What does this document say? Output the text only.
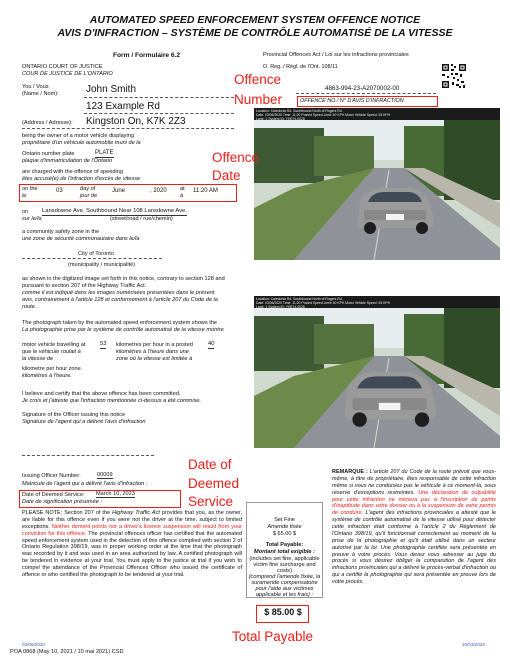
AUTOMATED SPEED ENFORCEMENT SYSTEM OFFENCE NOTICE
AVIS D'INFRACTION – SYSTÈME DE CONTRÔLE AUTOMATISÉ DE LA VITESSE
Form / Formulaire 6.2	Provincial Offences Act / Loi sur les infractions provinciales
O. Reg. / Règl. de l'Ont. 108/11
ONTARIO COURT OF JUSTICE
COUR DE JUSTICE DE L'ONTARIO
You / Vous
(Name / Nom):	John Smith
123 Example Rd
(Address / Adresse): Kingston On, K7K 2Z3
being the owner of a motor vehicle displaying
propriétaire d'un véhicule automobile muni de la
Ontario number plate	PLATE
plaque d'immatriculation de l'Ontario
are charged with the offence of speeding
êtes accusé(e) de l'infraction d'excès de vitesse
on the
le
03	day of
jour de
June	, 2020 at
à
11:20 AM
on Lansdowne Ave. Southbound Near 108 Lansdowne Ave.
sur le/la	(street/road / rue/chemin)
a community safety zone in the
une zone de sécurité communautaire dans le/la
City of Toronto
(municipality / municipalité)
as shown in the digitized image set forth in this notice, contrary to section 128 and
pursuant to section 207 of the Highway Traffic Act.
comme il est indiqué dans les images numérisées présentées dans le présent
avis, contrairement à l'article 128 et conformément à l'article 207 du Code de la
route.
The photograph taken by the automated speed enforcement system shows the
La photographie prise par le système de contrôle automatisé de la vitesse montre
motor vehicle travelling at	53 kilometres per hour in a posted	40
que le véhicule roulait à	kilomètres à l'heure dans une
la vitesse de	zone où la vitesse est limitée à
kilometre per hour zone.
kilomètres à l'heure.
I believe and certify that the above offence has been committed.
Je crois et j'atteste que l'infraction mentionnée ci-dessus a été commise.
Signature of the Officer issuing this notice
Signature de l'agent qui a délivré l'avis d'infraction
Issuing Officer Number:	00009
Matricule de l'agent qui a délivré l'avis d'infraction :
Date of Deemed Service: March 10, 2023
Date de signification présumée :
PLEASE NOTE: Section 207 of the Highway Traffic Act provides that you, as the owner, are liable for this offence even if you were not the driver at the time, subject to limited exceptions. Neither demerit points nor a driver's licence suspension will result from your conviction for this offence. The provincial offences officer has certified that the automated speed enforcement system used in the detection of this offence complied with section 2 of Ontario Regulation 398/19, was in proper working order at the time that the photograph was recorded by it and was used in an area authorized by law. A certified photograph will be tendered in evidence at your trial. You must apply to the justice at trial if you wish to compel the attendance of the Provincial Offences Officer who issued the certificate of offence or who certified the photograph to be tendered at your trial.
REMARQUE : L'article 207 du Code de la route prévoit que vous-même, à titre de propriétaire, êtes responsable de cette infraction même si vous ne conduisiez pas le véhicule à ce moment-là, sous réserve d'exceptions restreintes. Une déclaration de culpabilité pour cette infraction ne mènera pas à l'inscription de points d'inaptitude dans votre dossier ou à la suspension de votre permis de conduire. L'agent des infractions provinciales a attesté que le système de contrôle automatisé de la vitesse utilisé pour détecter cette infraction était conforme à l'article 2 du Règlement de l'Ontario 398/19, qu'il fonctionnait correctement au moment de la prise de la photographie et qu'il était utilisé dans un secteur autorisé par la loi. Une photographie certifiée sera présentée en preuve à votre procès. Vous devez vous adresser au juge du procès si vous désirez obliger la comparution de l'agent des infractions provinciales qui a délivré le procès-verbal d'infraction ou qui a certifié la photographie qui sera présentée en preuve lors de votre procès.
Set Fine
Amende fixée
$ 65.00 $
Total Payable:
Montant total exigible :
(includes set fine, applicable
victim fine surcharge and
costs)
(comprend l'amende fixée, la
suramende compensatoire
pour l'aide aux victimes
applicable et les frais) :
$ 85.00 $
4863-994-23-A2070002-00
OFFENCE NO./ N° D'AVIS D'INFRACTION
Location: Caledonia Rd. Southbound North of Rogers Rd.
Date: 03/06/2020 Time: 11:20 Posted Speed Limit: 40 KPH Motor Vehicle Speed: 53 KPH
Lane: 1 System ID: YH074-0028
Location: Caledonia Rd. Southbound North of Rogers Rd.
Date: 03/06/2020 Time: 11:20 Posted Speed Limit: 40 KPH Motor Vehicle Speed: 53 KPH
Lane: 1 System ID: YH074-0028
Offence
Number
Offence
Date
Date of
Deemed
Service
Total Payable
03/06/2020
POA 0868 (May 10, 2021 / 10 mai 2021) CSD
10/03/2023
